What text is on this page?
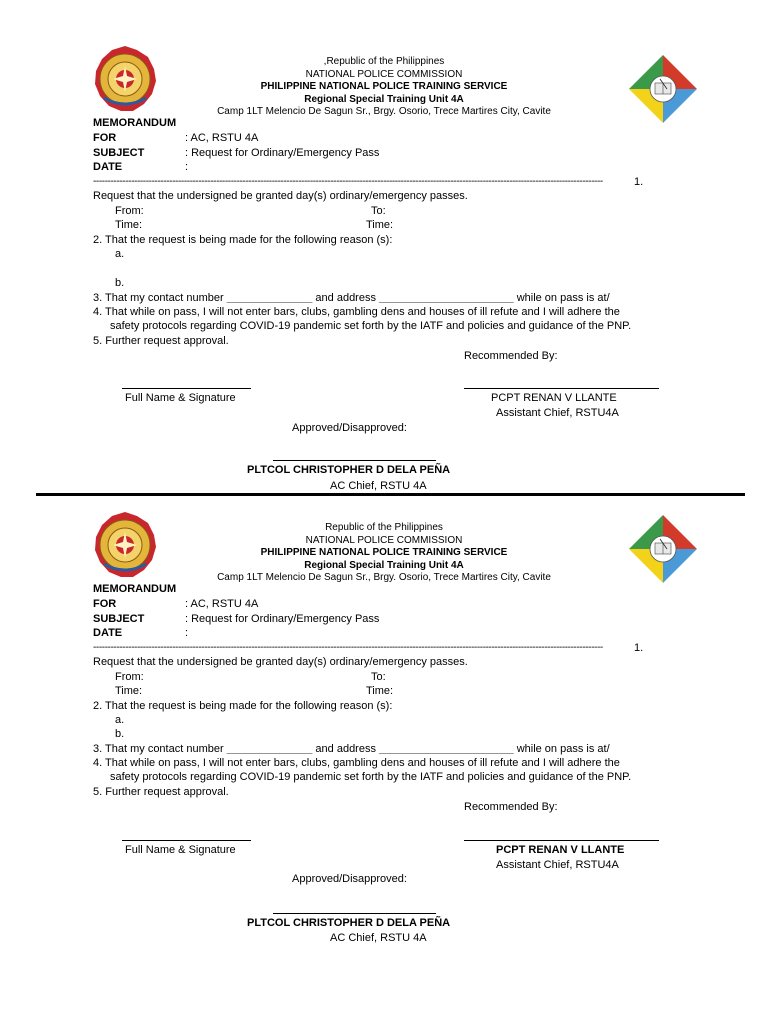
,Republic of the Philippines
NATIONAL POLICE COMMISSION
PHILIPPINE NATIONAL POLICE TRAINING SERVICE
Regional Special Training Unit 4A
Camp 1LT Melencio De Sagun Sr., Brgy. Osorio, Trece Martires City, Cavite
MEMORANDUM
FOR	: AC, RSTU 4A
SUBJECT	: Request for Ordinary/Emergency Pass
DATE	:
------------------------------------------------------------------------------------------------------------------------------------------------------------------------------	1.
Request that the undersigned be granted day(s) ordinary/emergency passes.
From:	To:
Time:	Time:
2. That the request is being made for the following reason (s):
a.
b.
3. That my contact number ______________ and address ______________________ while on pass is at/
4. That while on pass, I will not enter bars, clubs, gambling dens and houses of ill refute and I will adhere the
safety protocols regarding COVID-19 pandemic set forth by the IATF and policies and guidance of the PNP.
5. Further request approval.
Recommended By:
Full Name & Signature	PCPT RENAN V LLANTE
Assistant Chief, RSTU4A
Approved/Disapproved:
PLTCOL CHRISTOPHER D DELA PEÑA
AC Chief, RSTU 4A
Republic of the Philippines
NATIONAL POLICE COMMISSION
PHILIPPINE NATIONAL POLICE TRAINING SERVICE
Regional Special Training Unit 4A
Camp 1LT Melencio De Sagun Sr., Brgy. Osorio, Trece Martires City, Cavite
MEMORANDUM
FOR	: AC, RSTU 4A
SUBJECT	: Request for Ordinary/Emergency Pass
DATE	:
------------------------------------------------------------------------------------------------------------------------------------------------------------------------------	1.
Request that the undersigned be granted day(s) ordinary/emergency passes.
From:	To:
Time:	Time:
2. That the request is being made for the following reason (s):
a.
b.
3. That my contact number ______________ and address ______________________ while on pass is at/
4. That while on pass, I will not enter bars, clubs, gambling dens and houses of ill refute and I will adhere the
safety protocols regarding COVID-19 pandemic set forth by the IATF and policies and guidance of the PNP.
5. Further request approval.
Recommended By:
Full Name & Signature	PCPT RENAN V LLANTE
Assistant Chief, RSTU4A
Approved/Disapproved:
PLTCOL CHRISTOPHER D DELA PEÑA
AC Chief, RSTU 4A
